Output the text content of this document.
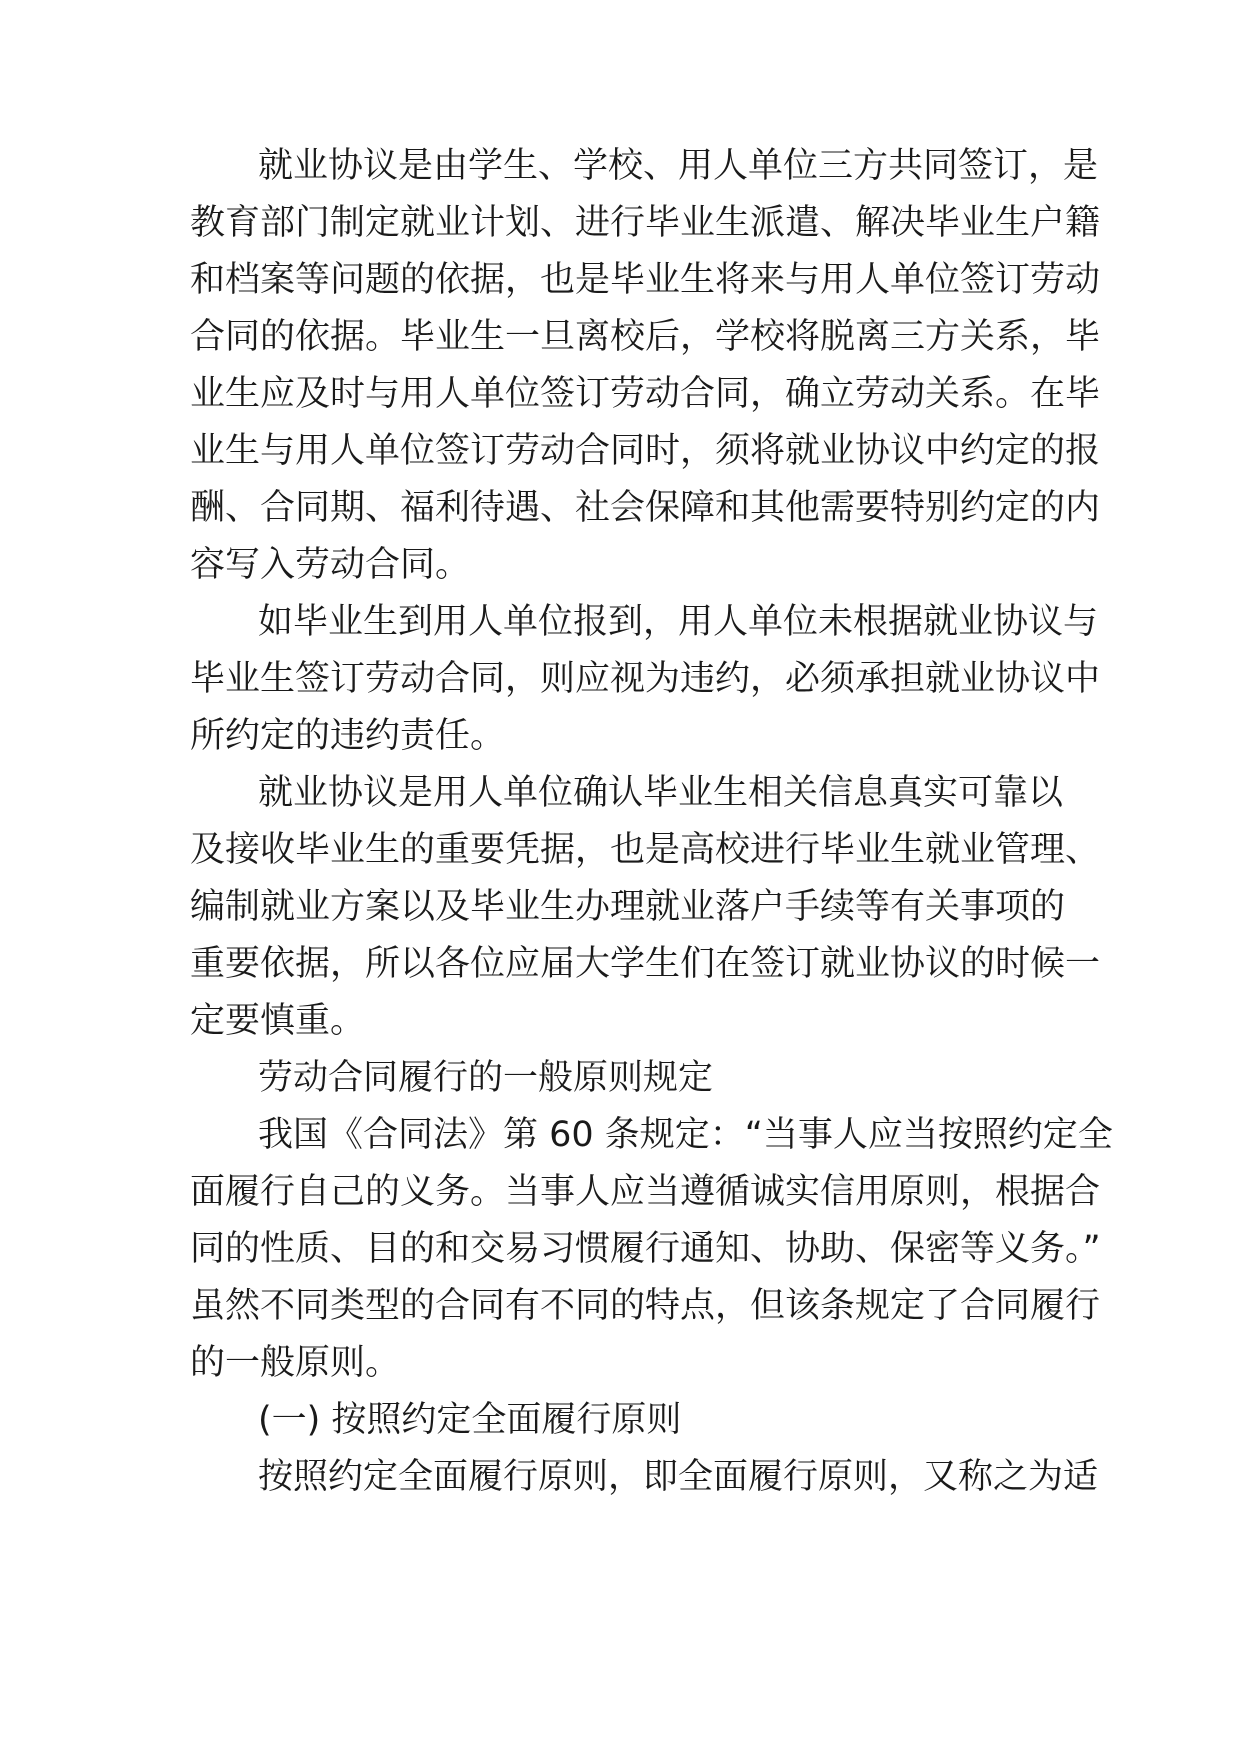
就业协议是由学生、学校、用人单位三方共同签订，是
教育部门制定就业计划、进行毕业生派遣、解决毕业生户籍
和档案等问题的依据，也是毕业生将来与用人单位签订劳动
合同的依据。毕业生一旦离校后，学校将脱离三方关系，毕
业生应及时与用人单位签订劳动合同，确立劳动关系。在毕
业生与用人单位签订劳动合同时，须将就业协议中约定的报
酬、合同期、福利待遇、社会保障和其他需要特别约定的内
容写入劳动合同。
如毕业生到用人单位报到，用人单位未根据就业协议与
毕业生签订劳动合同，则应视为违约，必须承担就业协议中
所约定的违约责任。
就业协议是用人单位确认毕业生相关信息真实可靠以
及接收毕业生的重要凭据，也是高校进行毕业生就业管理、
编制就业方案以及毕业生办理就业落户手续等有关事项的
重要依据，所以各位应届大学生们在签订就业协议的时候一
定要慎重。
劳动合同履行的一般原则规定
我国《合同法》第 60 条规定：“当事人应当按照约定全
面履行自己的义务。当事人应当遵循诚实信用原则，根据合
同的性质、目的和交易习惯履行通知、协助、保密等义务。”
虽然不同类型的合同有不同的特点，但该条规定了合同履行
的一般原则。
(一) 按照约定全面履行原则
按照约定全面履行原则，即全面履行原则，又称之为适
